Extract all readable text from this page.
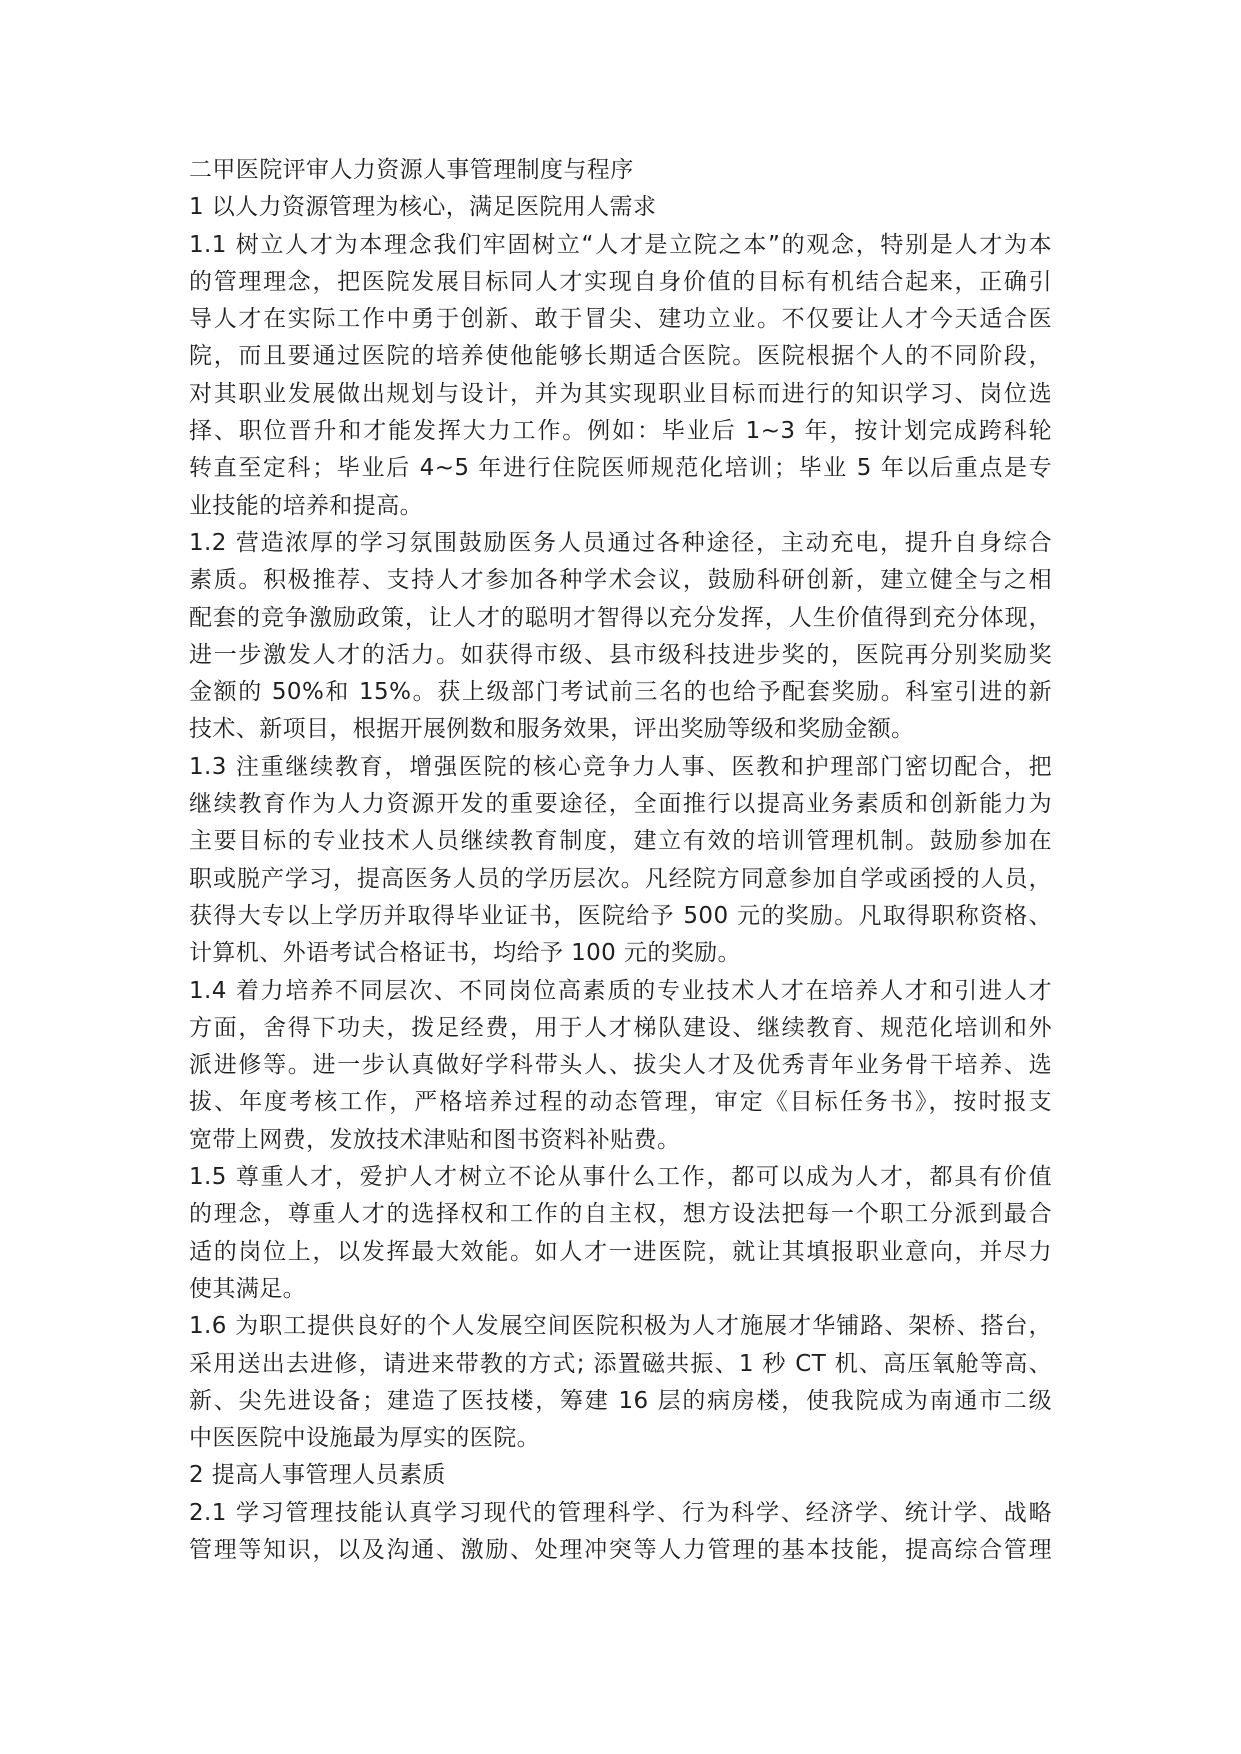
二甲医院评审人力资源人事管理制度与程序
1 以人力资源管理为核心，满足医院用人需求
1.1 树立人才为本理念我们牢固树立“人才是立院之本”的观念，特别是人才为本
的管理理念，把医院发展目标同人才实现自身价值的目标有机结合起来，正确引
导人才在实际工作中勇于创新、敢于冒尖、建功立业。不仅要让人才今天适合医
院，而且要通过医院的培养使他能够长期适合医院。医院根据个人的不同阶段，
对其职业发展做出规划与设计，并为其实现职业目标而进行的知识学习、岗位选
择、职位晋升和才能发挥大力工作。例如：毕业后 1~3 年，按计划完成跨科轮
转直至定科；毕业后 4~5 年进行住院医师规范化培训；毕业 5 年以后重点是专
业技能的培养和提高。
1.2 营造浓厚的学习氛围鼓励医务人员通过各种途径，主动充电，提升自身综合
素质。积极推荐、支持人才参加各种学术会议，鼓励科研创新，建立健全与之相
配套的竞争激励政策，让人才的聪明才智得以充分发挥，人生价值得到充分体现，
进一步激发人才的活力。如获得市级、县市级科技进步奖的，医院再分别奖励奖
金额的 50%和 15%。获上级部门考试前三名的也给予配套奖励。科室引进的新
技术、新项目，根据开展例数和服务效果，评出奖励等级和奖励金额。
1.3 注重继续教育，增强医院的核心竞争力人事、医教和护理部门密切配合，把
继续教育作为人力资源开发的重要途径，全面推行以提高业务素质和创新能力为
主要目标的专业技术人员继续教育制度，建立有效的培训管理机制。鼓励参加在
职或脱产学习，提高医务人员的学历层次。凡经院方同意参加自学或函授的人员，
获得大专以上学历并取得毕业证书，医院给予 500 元的奖励。凡取得职称资格、
计算机、外语考试合格证书，均给予 100 元的奖励。
1.4 着力培养不同层次、不同岗位高素质的专业技术人才在培养人才和引进人才
方面，舍得下功夫，拨足经费，用于人才梯队建设、继续教育、规范化培训和外
派进修等。进一步认真做好学科带头人、拔尖人才及优秀青年业务骨干培养、选
拔、年度考核工作，严格培养过程的动态管理，审定《目标任务书》，按时报支
宽带上网费，发放技术津贴和图书资料补贴费。
1.5 尊重人才，爱护人才树立不论从事什么工作，都可以成为人才，都具有价值
的理念，尊重人才的选择权和工作的自主权，想方设法把每一个职工分派到最合
适的岗位上，以发挥最大效能。如人才一进医院，就让其填报职业意向，并尽力
使其满足。
1.6 为职工提供良好的个人发展空间医院积极为人才施展才华铺路、架桥、搭台，
采用送出去进修，请进来带教的方式; 添置磁共振、1 秒 CT 机、高压氧舱等高、
新、尖先进设备；建造了医技楼，筹建 16 层的病房楼，使我院成为南通市二级
中医医院中设施最为厚实的医院。
2 提高人事管理人员素质
2.1 学习管理技能认真学习现代的管理科学、行为科学、经济学、统计学、战略
管理等知识，以及沟通、激励、处理冲突等人力管理的基本技能，提高综合管理
